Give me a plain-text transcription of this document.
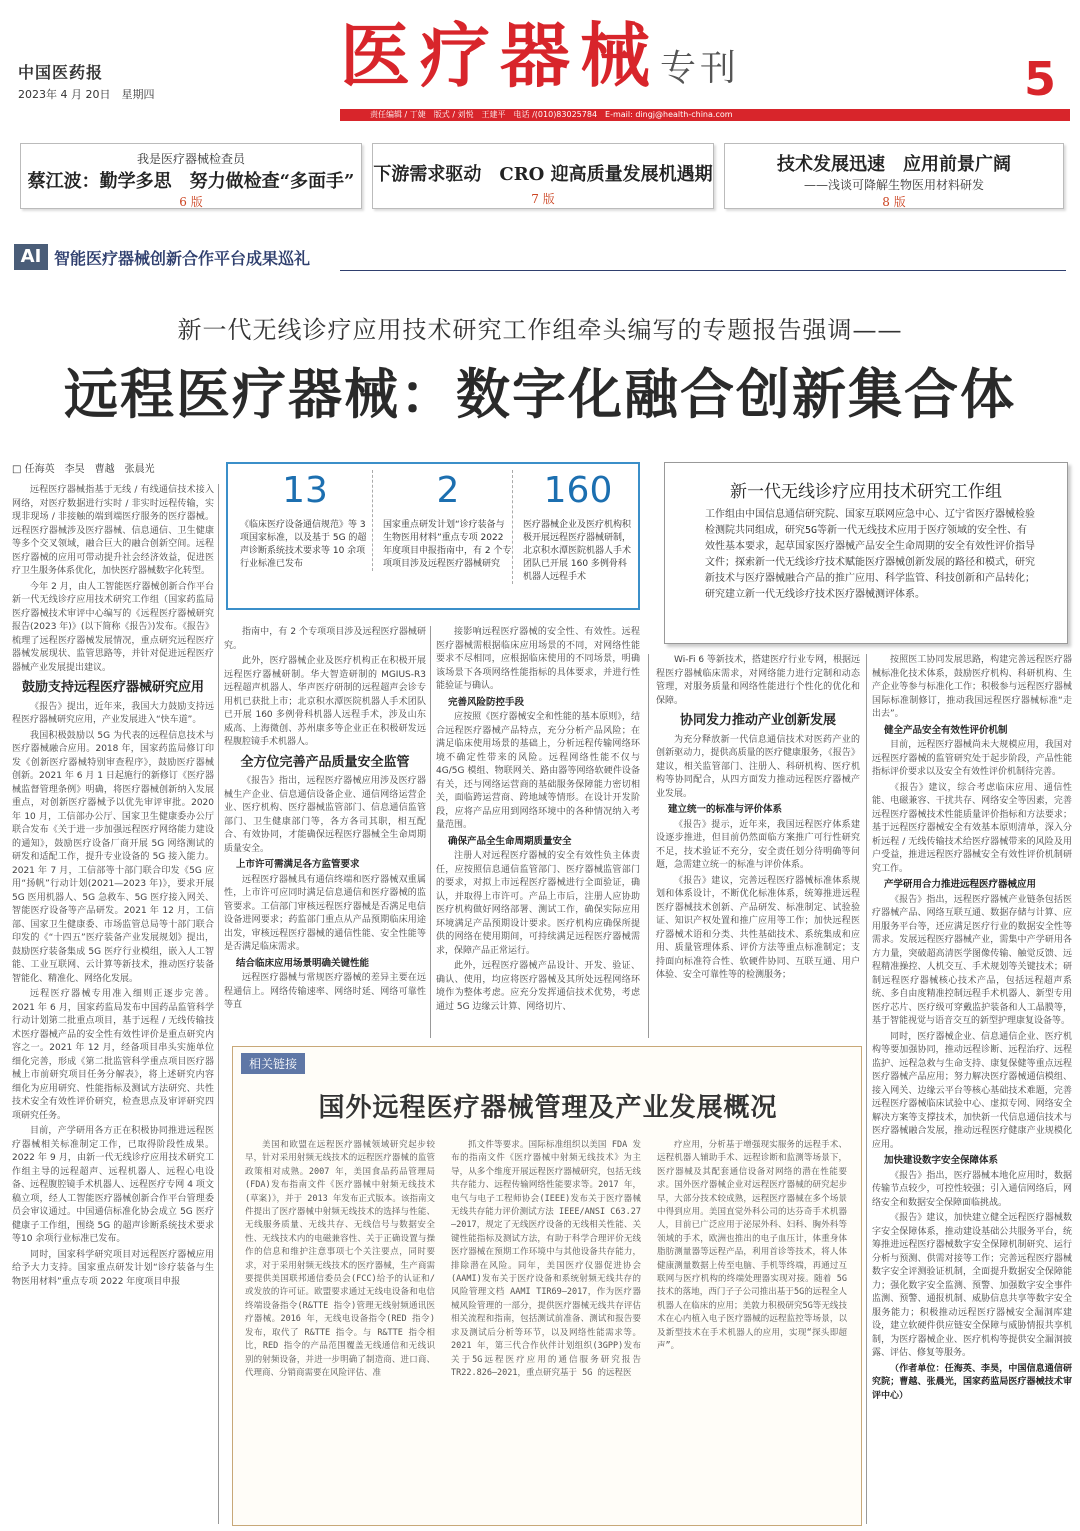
中国医药报
2023年 4 月 20日　星期四	医疗器械 专刊	5
责任编辑 / 丁婕　版式 / 刘悦　王建平　电话 /(010)83025784　E-mail: dingj@health-china.com
我是医疗器械检查员
蔡江波：勤学多思　努力做检查“多面手”
6 版
下游需求驱动　CRO 迎高质量发展机遇期
7 版
技术发展迅速　应用前景广阔
——浅谈可降解生物医用材料研发
8 版
AI 智能医疗器械创新合作平台成果巡礼
新一代无线诊疗应用技术研究工作组牵头编写的专题报告强调——
远程医疗器械：数字化融合创新集合体
□ 任海英　李昊　曹越　张晨光
13
《临床医疗设备通信规范》等 3 项国家标准，以及基于 5G 的超声诊断系统技术要求等 10 余项行业标准已发布
2
国家重点研发计划“诊疗装备与生物医用材料”重点专项 2022 年度项目申报指南中，有 2 个专项项目涉及远程医疗器械研究
160
医疗器械企业及医疗机构积极开展远程医疗器械研制，北京积水潭医院机器人手术团队已开展 160 多例骨科机器人远程手术
新一代无线诊疗应用技术研究工作组
工作组由中国信息通信研究院、国家互联网应急中心、辽宁省医疗器械检验检测院共同组成，研究5G等新一代无线技术应用于医疗领域的安全性、有效性基本要求，起草国家医疗器械产品安全生命周期的安全有效性评价指导文件；探索新一代无线诊疗技术赋能医疗器械创新发展的路径和模式，研究新技术与医疗器械融合产品的推广应用、科学监管、科技创新和产品转化；研究建立新一代无线诊疗技术医疗器械测评体系。

远程医疗器械指基于无线 / 有线通信技术接入网络，对医疗数据进行实时 / 非实时远程传输，实现非现场 / 非接触的端到端医疗服务的医疗器械。远程医疗器械涉及医疗器械、信息通信、卫生健康等多个交叉领域，融合巨大的融合创新空间。远程医疗器械的应用可带动提升社会经济效益，促进医疗卫生服务体系优化，加快医疗器械数字化转型。

今年 2 月，由人工智能医疗器械创新合作平台新一代无线诊疗应用技术研究工作组（国家药监局医疗器械技术审评中心编写的《远程医疗器械研究报告(2023 年)》(以下简称《报告》)发布。《报告》梳理了远程医疗器械发展情况，重点研究远程医疗器械发展现状、监管思路等，并针对促进远程医疗器械产业发展提出建议。

鼓励支持远程医疗器械研究应用

《报告》提出，近年来，我国大力鼓励支持远程医疗器械研究应用，产业发展进入“快车道”。

我国积极鼓励以 5G 为代表的远程信息技术与医疗器械融合应用。2018 年，国家药监局修订印发《创新医疗器械特别审查程序》，鼓励医疗器械创新。2021 年 6 月 1 日起施行的新修订《医疗器械监督管理条例》明确，将医疗器械创新纳入发展重点，对创新医疗器械予以优先审评审批。2020 年 10 月，工信部办公厅、国家卫生健康委办公厅联合发布《关于进一步加强远程医疗网络能力建设的通知》，鼓励医疗设备厂商开展 5G 网络测试的研发和适配工作，提升专业设备的 5G 接入能力。2021 年 7 月，工信部等十部门联合印发《5G 应用“扬帆”行动计划(2021—2023 年)》，要求开展 5G 医用机器人、5G 急救车、5G 医疗接入网关、智能医疗设备等产品研发。2021 年 12 月，工信部、国家卫生健康委、市场监管总局等十部门联合印发的《“十四五”医疗装备产业发展规划》提出，鼓励医疗装备集成 5G 医疗行业模组，嵌入人工智能、工业互联网、云计算等新技术，推动医疗装备智能化、精准化、网络化发展。

远程医疗器械专用准入细则正逐步完善。2021 年 6 月，国家药监局发布中国药品监管科学行动计划第二批重点项目，基于远程 / 无线传输技术医疗器械产品的安全性有效性评价是重点研究内容之一。2021 年 12 月，经备项目串头实施单位细化完善，形成《第二批监管科学重点项目医疗器械上市前研究项目任务分解表》，将上述研究内容细化为应用研究、性能指标及测试方法研究、共性技术安全有效性评价研究，检查思点及审评研究四项研究任务。

目前，产学研用各方正在积极协同推进远程医疗器械相关标准制定工作，已取得阶段性成果。2022 年 9 月，由新一代无线诊疗应用技术研究工作组主导的远程超声、远程机器人、远程心电设备、远程腹腔镜手术机器人、远程医疗专网 4 项文稿立项，经人工智能医疗器械创新合作平台管理委员会审议通过。中国通信标准化协会成立 5G 医疗健康子工作组，围绕 5G 的超声诊断系统技术要求等10 余项行业标准已发布。

同时，国家科学研究项目对远程医疗器械应用给予大力支持。国家重点研发计划“诊疗装备与生物医用材料”重点专项 2022 年度项目申报

指南中，有 2 个专项项目涉及远程医疗器械研究。

此外，医疗器械企业及医疗机构正在积极开展远程医疗器械研制。华大智造研制的 MGIUS-R3 远程超声机器人、华声医疗研制的远程超声会诊专用机已获批上市；北京积水潭医院机器人手术团队已开展 160 多例骨科机器人远程手术，涉及山东威高、上海微创、苏州康多等企业正在积极研发远程腹腔镜手术机器人。

全方位完善产品质量安全监管

《报告》指出，远程医疗器械应用涉及医疗器械生产企业、信息通信设备企业、通信网络运营企业、医疗机构、医疗器械监管部门、信息通信监管部门、卫生健康部门等，各方各司其职，相互配合、有效协同，才能确保远程医疗器械全生命周期质量安全。

上市许可需满足各方监管要求

远程医疗器械具有通信终端和医疗器械双重属性，上市许可应同时满足信息通信和医疗器械的监管要求。工信部门审核远程医疗器械是否满足电信设备进网要求；药监部门重点从产品预期临床用途出发，审核远程医疗器械的通信性能、安全性能等是否满足临床需求。

结合临床应用场景明确关键性能

远程医疗器械与常规医疗器械的差异主要在远程通信上。网络传输速率、网络时延、网络可靠性等直

接影响远程医疗器械的安全性、有效性。远程医疗器械需根据临床应用场景的不同，对网络性能要求不尽相同，应根据临床使用的不同场景，明确该场景下各项网络性能指标的具体要求，并进行性能验证与确认。

完善风险防控手段

应按照《医疗器械安全和性能的基本原则》，结合远程医疗器械产品特点，充分分析产品风险；在满足临床使用场景的基础上，分析远程传输网络环境不确定性带来的风险。远程网络性能不仅与 4G/5G 模组、物联网关、路由器等网络软硬件设备有关，还与网络运营商的基础服务保障能力密切相关，面临跨运营商、跨地域等情形。在设计开发阶段，应将产品应用到网络环境中的各种情况纳入考量范围。

确保产品全生命周期质量安全

注册人对远程医疗器械的安全有效性负主体责任，应按照信息通信监管部门、医疗器械监管部门的要求，对拟上市远程医疗器械进行全面验证，确认，并取得上市许可。产品上市后，注册人应协助医疗机构做好网络部署、测试工作，确保实际应用环境满足产品预期设计要求。医疗机构应确保所提供的网络在使用期间，可持续满足远程医疗器械需求，保障产品正常运行。

此外，远程医疗器械产品设计、开发、验证、确认、使用，均应将医疗器械及其所处远程网络环境作为整体考虑。应充分发挥通信技术优势，考虑通过 5G 边缘云计算、网络切片、

Wi-Fi 6 等新技术，搭建医疗行业专网，根据远程医疗器械临床需求，对网络能力进行定制和动态管理，对服务质量和网络性能进行个性化的优化和保障。

协同发力推动产业创新发展

为充分释放新一代信息通信技术对医药产业的创新驱动力，提供高质量的医疗健康服务，《报告》建议，相关监管部门、注册人、科研机构、医疗机构等协同配合，从四方面发力推动远程医疗器械产业发展。

建立统一的标准与评价体系

《报告》提示，近年来，我国远程医疗体系建设逐步推进，但目前仍然面临方案推广可行性研究不足，技术验证不充分，安全责任划分待明确等问题，急需建立统一的标准与评价体系。

《报告》建议，完善远程医疗器械标准体系规划和体系设计，不断优化标准体系，统筹推进远程医疗器械技术创新、产品研发、标准制定、试验验证、知识产权处置和推广应用等工作；加快远程医疗器械术语和分类、共性基础技术、系统集成和应用、质量管理体系、评价方法等重点标准制定；支持面向标准符合性、软硬件协同、互联互通、用户体验、安全可靠性等的检测服务；

按照医工协同发展思路，构建完善远程医疗器械标准化技术体系，鼓励医疗机构、科研机构、生产企业等参与标准化工作；积极参与远程医疗器械国际标准制修订，推动我国远程医疗器械标准“走出去”。

健全产品安全有效性评价机制

目前，远程医疗器械尚未大规模应用，我国对远程医疗器械的监管研究处于起步阶段，产品性能指标评价要求以及安全有效性评价机制待完善。

《报告》建议，综合考虑临床应用、通信性能、电磁兼容、干扰共存、网络安全等因素，完善远程医疗器械技术性能质量评价指标和方法要求；基于远程医疗器械安全有效基本原则清单，深入分析远程 / 无线传输技术给医疗器械带来的风险及用户受益，推进远程医疗器械安全有效性评价机制研究工作。

产学研用合力推进远程医疗器械应用

《报告》指出，远程医疗器械产业链条包括医疗器械产品、网络互联互通、数据存储与计算、应用服务平台等，还应满足医疗行业的数据安全性等需求。发展远程医疗器械产业，需集中产学研用各方力量，突破超高清医学图像传输、触觉反馈、远程精准操控、人机交互、手术规划等关键技术；研制远程医疗器械核心技术产品，包括远程超声系统、多自由度精准控制远程手术机器人、新型专用医疗芯片、医疗级可穿戴监护装备和人工晶膜等，基于智能视觉与语音交互的新型护理康复设备等。

同时，医疗器械企业、信息通信企业、医疗机构等要加强协同，推动远程诊断、远程治疗、远程监护、远程急救与生命支持、康复保健等重点远程医疗器械产品应用；努力解决医疗器械通信模组、接入网关、边缘云平台等核心基础技术难题，完善远程医疗器械临床试验中心、虚拟专网、网络安全解决方案等支撑技术，加快新一代信息通信技术与医疗器械融合发展，推动远程医疗健康产业规模化应用。

加快建设数字安全保障体系

《报告》指出，医疗器械本地化应用时，数据传输节点较少，可控性较强；引入通信网络后，网络安全和数据安全保障面临挑战。

《报告》建议，加快建立健全远程医疗器械数字安全保障体系，推动建设基础公共服务平台，统筹推进远程医疗器械数字安全保障机制研究、运行分析与预测、供需对接等工作；完善远程医疗器械数字安全评测验证机制，全面提升数据安全保障能力；强化数字安全监测、预警、加强数字安全事件监测、预警、通报机制、威胁信息共享等数字安全服务能力；积极推动远程医疗器械安全漏洞库建设，建立软硬件供应链安全保障与威胁情报共享机制，为医疗器械企业、医疗机构等提供安全漏洞披露、评估、修复等服务。

（作者单位：任海英、李昊，中国信息通信研究院；曹越、张晨光，国家药监局医疗器械技术审评中心）

相关链接
国外远程医疗器械管理及产业发展概况

美国和欧盟在远程医疗器械领域研究起步较早，针对采用射频无线技术的远程医疗器械的监管政策相对成熟。2007 年，美国食品药品管理局(FDA)发布指南文件《医疗器械中射频无线技术(草案)》，并于 2013 年发布正式版本。该指南文件提出了医疗器械中射频无线技术的选择与性能、无线服务质量、无线共存、无线信号与数据安全性、无线技术内的电磁兼容性、关于正确设置与操作的信息和维护注意事项七个关注要点，同时要求，对于采用射频无线技术的医疗器械，生产商需要提供美国联邦通信委员会(FCC)给予的认证和/或发放的许可证。欧盟要求通过无线电设备和电信终端设备指令(R&TTE 指令)管理无线射频通讯医疗器械。2016 年，无线电设备指令(RED 指令)发布，取代了 R&TTE 指令。与 R&TTE 指令相比，RED 指令的产品范围覆盖无线通信和无线识别的射频设备，并进一步明确了制造商、进口商、代理商、分销商需要在风险评估、准

抓文件等要求。国际标准组织以美国 FDA 发布的指南文件《医疗器械中射频无线技术》为主导，从多个维度开展远程医疗器械研究，包括无线共存能力、远程传输网络性能要求等。2017 年，电气与电子工程师协会(IEEE)发布关于医疗器械无线共存能力评价测试方法 IEEE/ANSI C63.27—2017，规定了无线医疗设备的无线相关性能、关键性能指标及测试方法，有助于科学合理评价无线医疗器械在预期工作环境中与其他设备共存能力，排除潜在风险。同年，美国医疗仪器促进协会(AAMI)发布关于医疗设备和系统射频无线共存的风险管理文档 AAMI TIR69—2017，作为医疗器械风险管理的一部分，提供医疗器械无线共存评估相关流程和指南，包括测试前准备、测试和报告要求及测试后分析等环节，以及网络性能需求等。2021 年，第三代合作伙伴计划组织(3GPP)发布关于5G远程医疗应用的通信服务研究报告 TR22.826—2021，重点研究基于 5G 的远程医

疗应用，分析基于增强现实服务的远程手术、远程机器人辅助手术、远程诊断和监测等场景下，医疗器械及其配套通信设备对网络的潜在性能要求。国外医疗器械企业对远程医疗器械的研究起步早，大部分技术较成熟，远程医疗器械在多个场景中得到应用。美国直觉外科公司的达芬奇手术机器人，目前已广泛应用于泌尿外科、妇科、胸外科等领域的手术，欧洲也推出的电子血压计，体重身体脂肪测量器等远程产品，利用首诊等技术，将人体健康测量数据上传至电脑、手机等终端，再通过互联网与医疗机构的终端处理器实现对接。随着 5G 技术的落地，西门子子公司推出基于5G的远程全人机器人在临床的应用；美敦力积极研究5G等无线技术在心内植入电子医疗器械的远程监控等场景，以及新型技术在手术机器人的应用，实现“探头即超声”。
